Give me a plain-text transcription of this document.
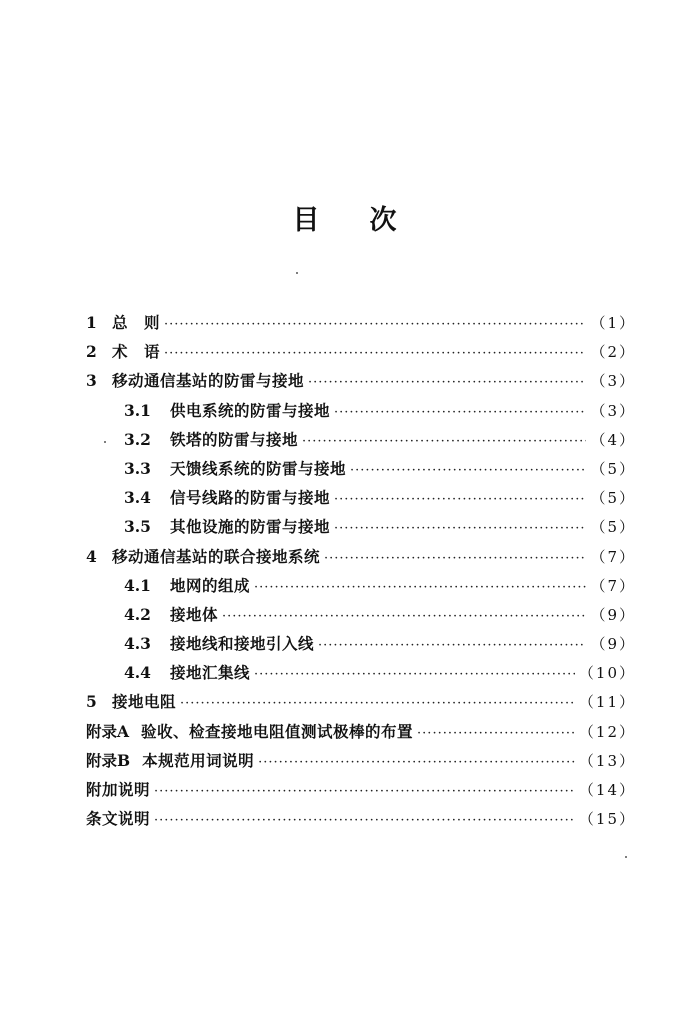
目 次
1 总　则 ·····	（1）
2 术　语 ·····	（2）
3 移动通信基站的防雷与接地 ·····	（3）
3.1	供电系统的防雷与接地 ·····	（3）
3.2	铁塔的防雷与接地 ·····	（4）
3.3	天馈线系统的防雷与接地 ·····	（5）
3.4	信号线路的防雷与接地 ·····	（5）
3.5	其他设施的防雷与接地 ·····	（5）
4 移动通信基站的联合接地系统 ·····	（7）
4.1	地网的组成 ·····	（7）
4.2	接地体 ·····	（9）
4.3	接地线和接地引入线 ·····	（9）
4.4	接地汇集线 ·····	（10）
5 接地电阻 ·····	（11）
附录A 验收、检查接地电阻值测试极棒的布置 ·····	（12）
附录B 本规范用词说明 ·····	（13）
附加说明 ·····	（14）
条文说明 ·····	（15）
